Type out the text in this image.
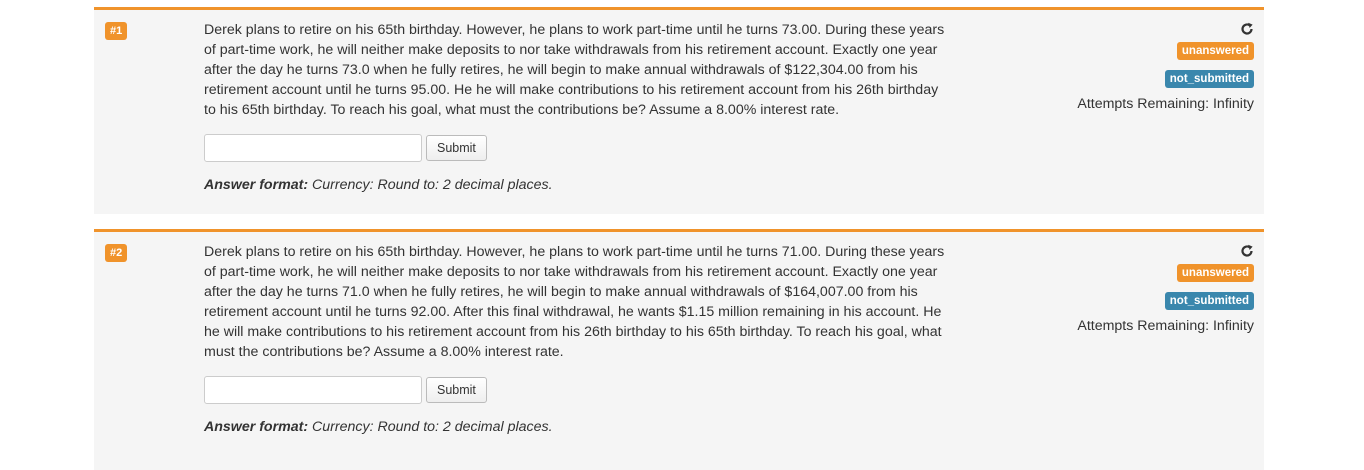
#1	Derek plans to retire on his 65th birthday. However, he plans to work part-time until he turns 73.00. During these years of part-time work, he will neither make deposits to nor take withdrawals from his retirement account. Exactly one year after the day he turns 73.0 when he fully retires, he will begin to make annual withdrawals of $122,304.00 from his retirement account until he turns 95.00. He he will make contributions to his retirement account from his 26th birthday to his 65th birthday. To reach his goal, what must the contributions be? Assume a 8.00% interest rate.
Submit
Answer format: Currency: Round to: 2 decimal places.
unanswered
not_submitted
Attempts Remaining: Infinity
#2	Derek plans to retire on his 65th birthday. However, he plans to work part-time until he turns 71.00. During these years of part-time work, he will neither make deposits to nor take withdrawals from his retirement account. Exactly one year after the day he turns 71.0 when he fully retires, he will begin to make annual withdrawals of $164,007.00 from his retirement account until he turns 92.00. After this final withdrawal, he wants $1.15 million remaining in his account. He he will make contributions to his retirement account from his 26th birthday to his 65th birthday. To reach his goal, what must the contributions be? Assume a 8.00% interest rate.
Submit
Answer format: Currency: Round to: 2 decimal places.
unanswered
not_submitted
Attempts Remaining: Infinity
